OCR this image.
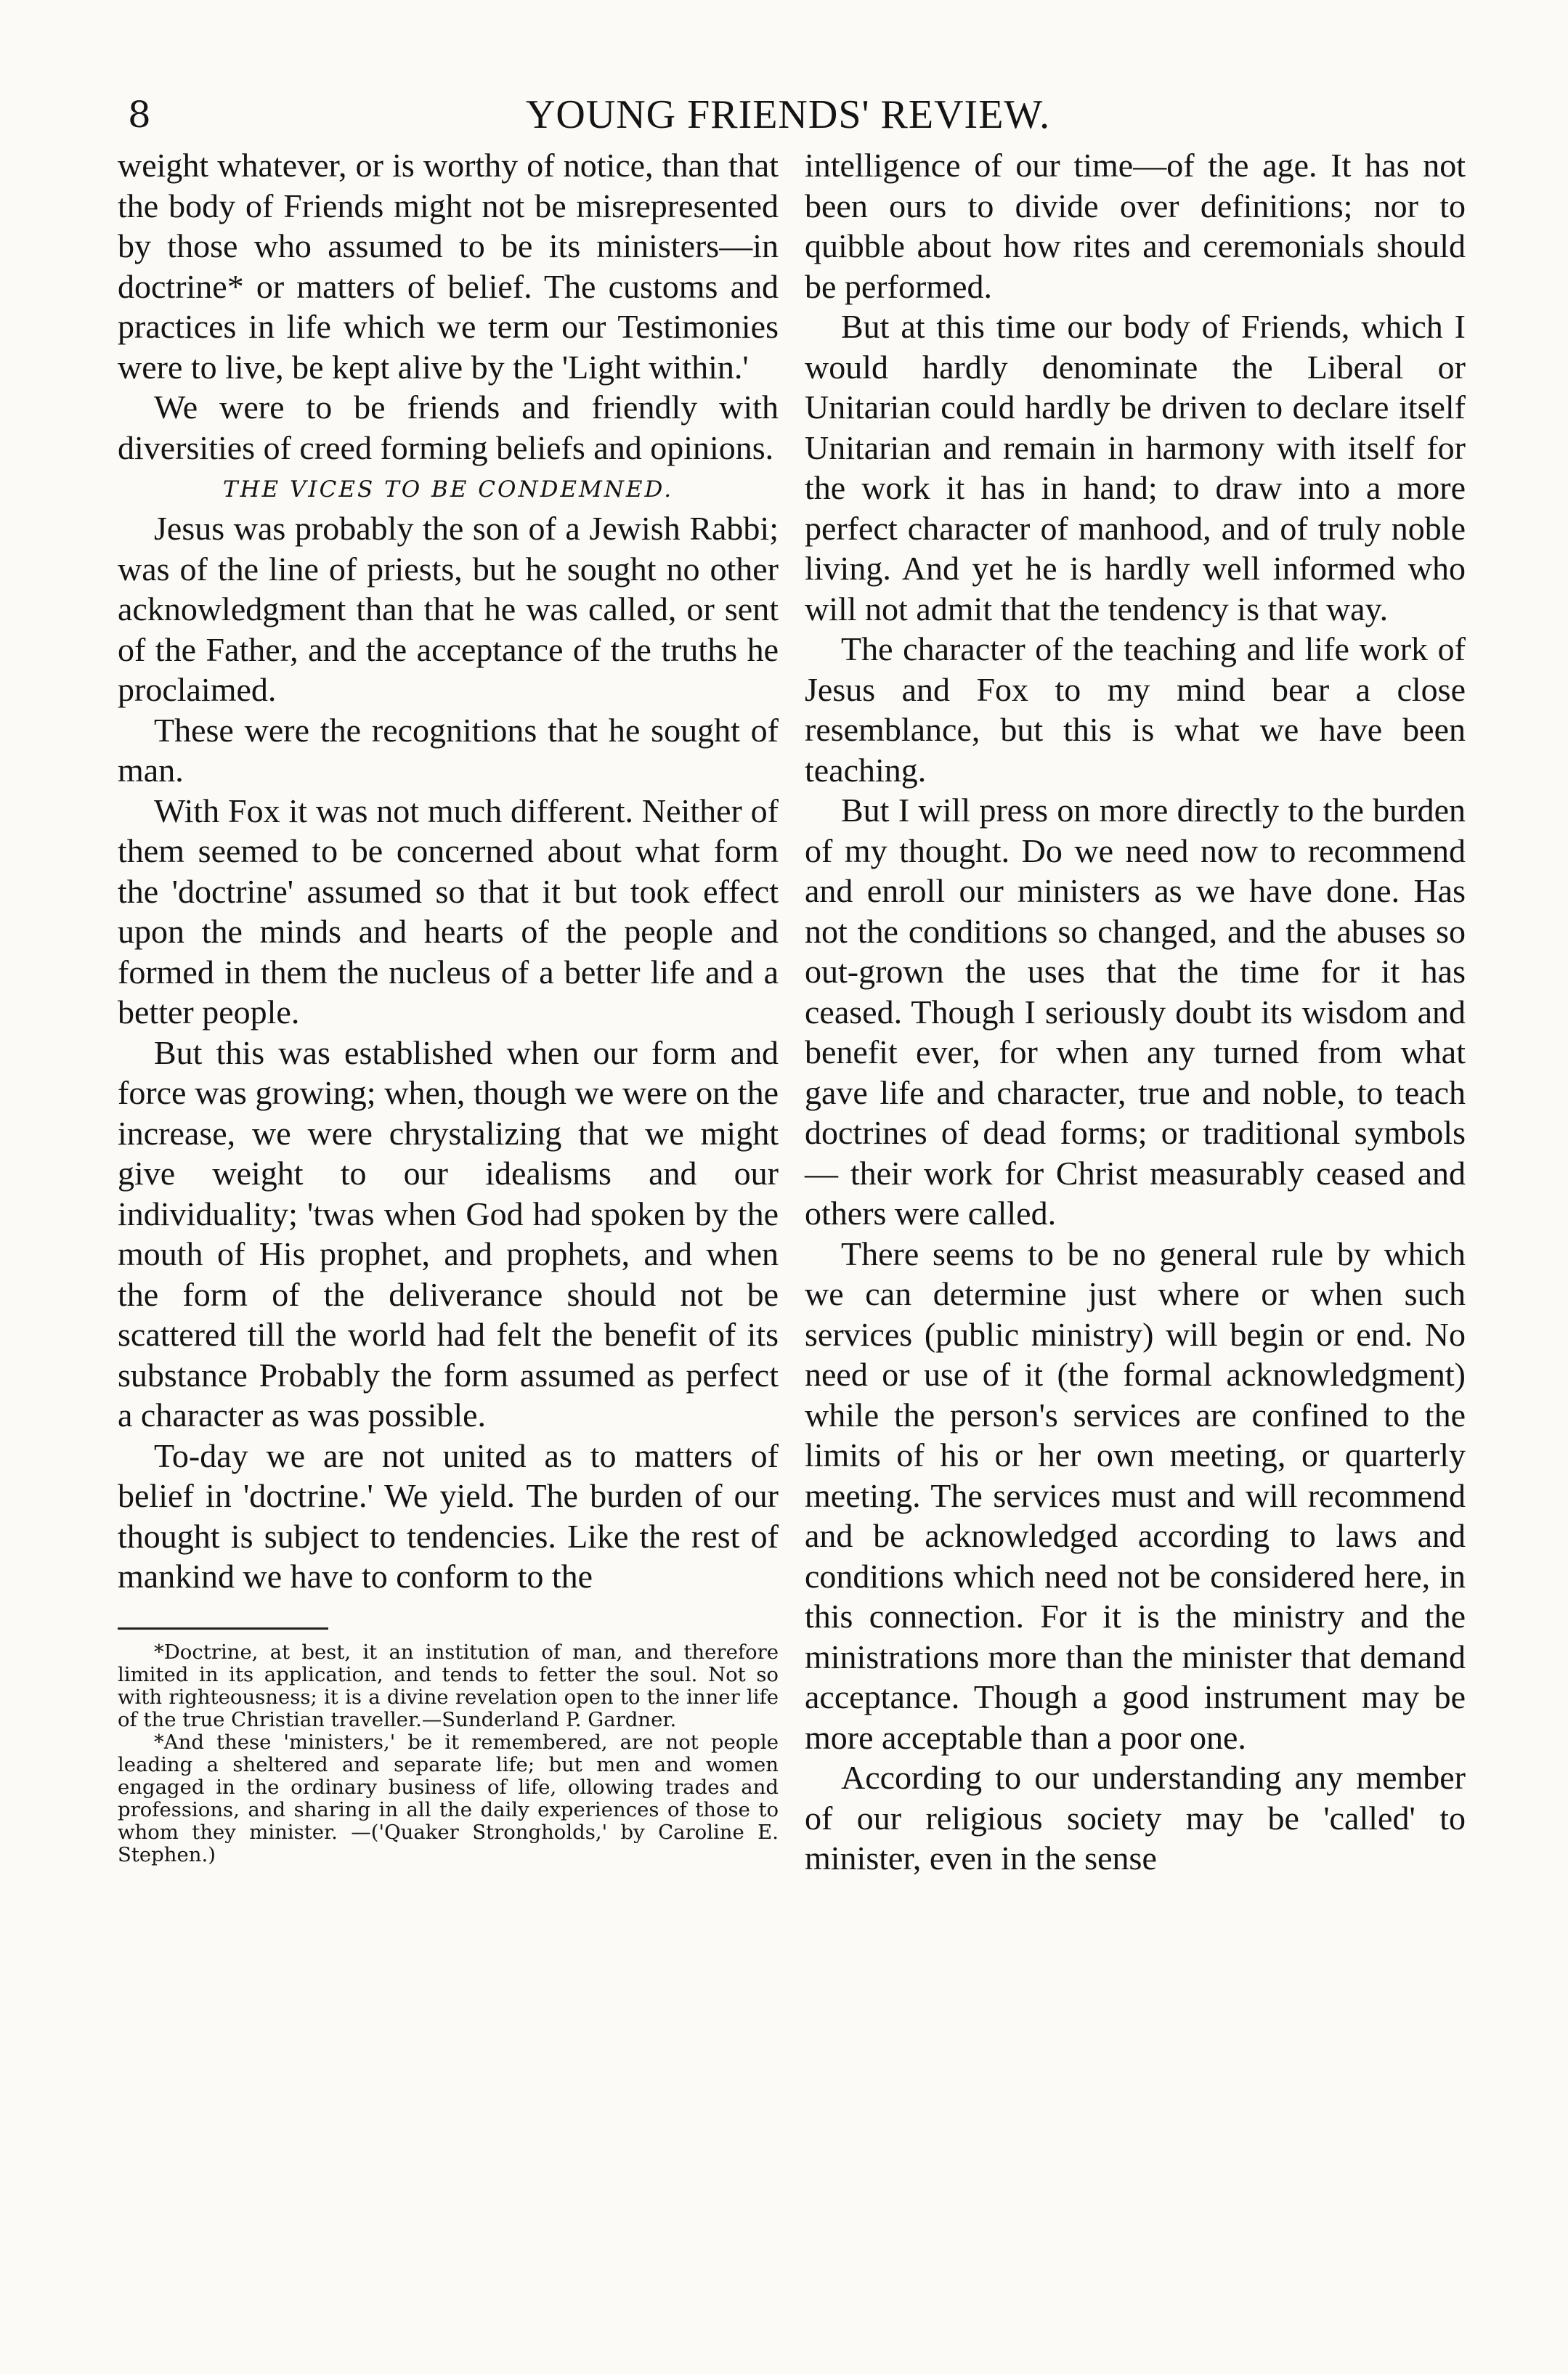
8	YOUNG FRIENDS' REVIEW.

weight whatever, or is worthy of notice, than that the body of Friends might not be misrepresented by those who assumed to be its ministers—in doctrine* or matters of belief. The customs and practices in life which we term our Testimonies were to live, be kept alive by the 'Light within.'

We were to be friends and friendly with diversities of creed forming beliefs and opinions.

THE VICES TO BE CONDEMNED.

Jesus was probably the son of a Jewish Rabbi; was of the line of priests, but he sought no other acknowledgment than that he was called, or sent of the Father, and the acceptance of the truths he proclaimed.

These were the recognitions that he sought of man.

With Fox it was not much different. Neither of them seemed to be concerned about what form the 'doctrine' assumed so that it but took effect upon the minds and hearts of the people and formed in them the nucleus of a better life and a better people.

But this was established when our form and force was growing; when, though we were on the increase, we were chrystalizing that we might give weight to our idealisms and our individuality; 'twas when God had spoken by the mouth of His prophet, and prophets, and when the form of the deliverance should not be scattered till the world had felt the benefit of its substance Probably the form assumed as perfect a character as was possible.

To-day we are not united as to matters of belief in 'doctrine.' We yield. The burden of our thought is subject to tendencies. Like the rest of mankind we have to conform to the

*Doctrine, at best, it an institution of man, and therefore limited in its application, and tends to fetter the soul. Not so with righteousness; it is a divine revelation open to the inner life of the true Christian traveller.—Sunderland P. Gardner.

*And these 'ministers,' be it remembered, are not people leading a sheltered and separate life; but men and women engaged in the ordinary business of life, ollowing trades and professions, and sharing in all the daily experiences of those to whom they minister. —('Quaker Strongholds,' by Caroline E. Stephen.)

intelligence of our time—of the age. It has not been ours to divide over definitions; nor to quibble about how rites and ceremonials should be performed.

But at this time our body of Friends, which I would hardly denominate the Liberal or Unitarian could hardly be driven to declare itself Unitarian and remain in harmony with itself for the work it has in hand; to draw into a more perfect character of manhood, and of truly noble living. And yet he is hardly well informed who will not admit that the tendency is that way.

The character of the teaching and life work of Jesus and Fox to my mind bear a close resemblance, but this is what we have been teaching.

But I will press on more directly to the burden of my thought. Do we need now to recommend and enroll our ministers as we have done. Has not the conditions so changed, and the abuses so out-grown the uses that the time for it has ceased. Though I seriously doubt its wisdom and benefit ever, for when any turned from what gave life and character, true and noble, to teach doctrines of dead forms; or traditional symbols — their work for Christ measurably ceased and others were called.

There seems to be no general rule by which we can determine just where or when such services (public ministry) will begin or end. No need or use of it (the formal acknowledgment) while the person's services are confined to the limits of his or her own meeting, or quarterly meeting. The services must and will recommend and be acknowledged according to laws and conditions which need not be considered here, in this connection. For it is the ministry and the ministrations more than the minister that demand acceptance. Though a good instrument may be more acceptable than a poor one.

According to our understanding any member of our religious society may be 'called' to minister, even in the sense
